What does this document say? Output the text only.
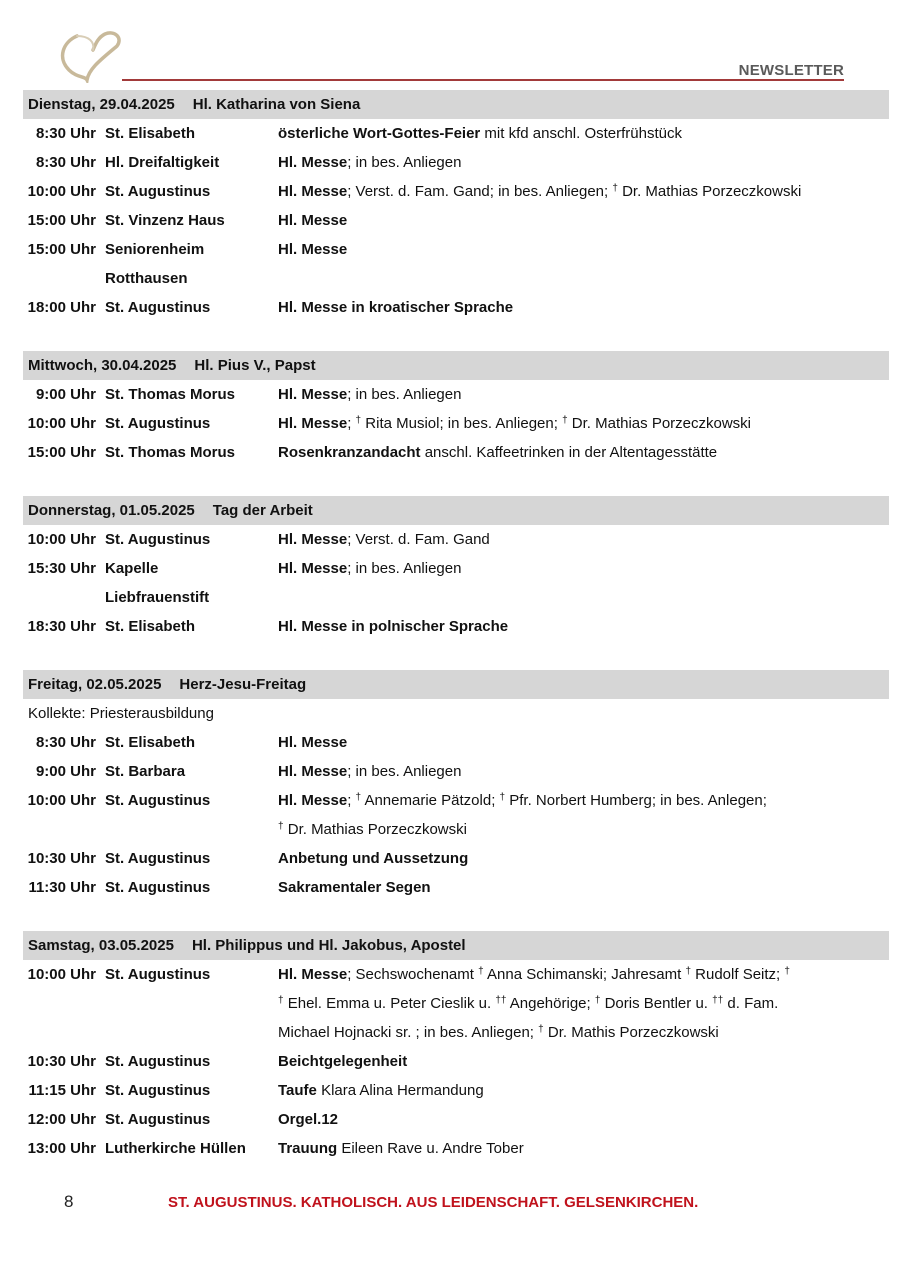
NEWSLETTER
Dienstag, 29.04.2025 Hl. Katharina von Siena
8:30 Uhr St. Elisabeth	österliche Wort-Gottes-Feier mit kfd anschl. Osterfrühstück
8:30 Uhr Hl. Dreifaltigkeit	Hl. Messe; in bes. Anliegen
10:00 Uhr St. Augustinus	Hl. Messe; Verst. d. Fam. Gand; in bes. Anliegen; † Dr. Mathias Porzeczkowski
15:00 Uhr St. Vinzenz Haus	Hl. Messe
15:00 Uhr Seniorenheim	Hl. Messe
Rotthausen
18:00 Uhr St. Augustinus	Hl. Messe in kroatischer Sprache
Mittwoch, 30.04.2025 Hl. Pius V., Papst
9:00 Uhr St. Thomas Morus	Hl. Messe; in bes. Anliegen
10:00 Uhr St. Augustinus	Hl. Messe; † Rita Musiol; in bes. Anliegen; † Dr. Mathias Porzeczkowski
15:00 Uhr St. Thomas Morus	Rosenkranzandacht anschl. Kaffeetrinken in der Altentagesstätte
Donnerstag, 01.05.2025 Tag der Arbeit
10:00 Uhr St. Augustinus	Hl. Messe; Verst. d. Fam. Gand
15:30 Uhr Kapelle	Hl. Messe; in bes. Anliegen
Liebfrauenstift
18:30 Uhr St. Elisabeth	Hl. Messe in polnischer Sprache
Freitag, 02.05.2025 Herz-Jesu-Freitag
Kollekte: Priesterausbildung
8:30 Uhr St. Elisabeth	Hl. Messe
9:00 Uhr St. Barbara	Hl. Messe; in bes. Anliegen
10:00 Uhr St. Augustinus	Hl. Messe; † Annemarie Pätzold; † Pfr. Norbert Humberg; in bes. Anlegen;
† Dr. Mathias Porzeczkowski
10:30 Uhr St. Augustinus	Anbetung und Aussetzung
11:30 Uhr St. Augustinus	Sakramentaler Segen
Samstag, 03.05.2025 Hl. Philippus und Hl. Jakobus, Apostel
10:00 Uhr St. Augustinus	Hl. Messe; Sechswochenamt † Anna Schimanski; Jahresamt † Rudolf Seitz; †
† Ehel. Emma u. Peter Cieslik u. †† Angehörige; † Doris Bentler u. †† d. Fam.
Michael Hojnacki sr. ; in bes. Anliegen; † Dr. Mathis Porzeczkowski
10:30 Uhr St. Augustinus	Beichtgelegenheit
11:15 Uhr St. Augustinus	Taufe Klara Alina Hermandung
12:00 Uhr St. Augustinus	Orgel.12
13:00 Uhr Lutherkirche Hüllen	Trauung Eileen Rave u. Andre Tober
8	ST. AUGUSTINUS. KATHOLISCH. AUS LEIDENSCHAFT. GELSENKIRCHEN.
